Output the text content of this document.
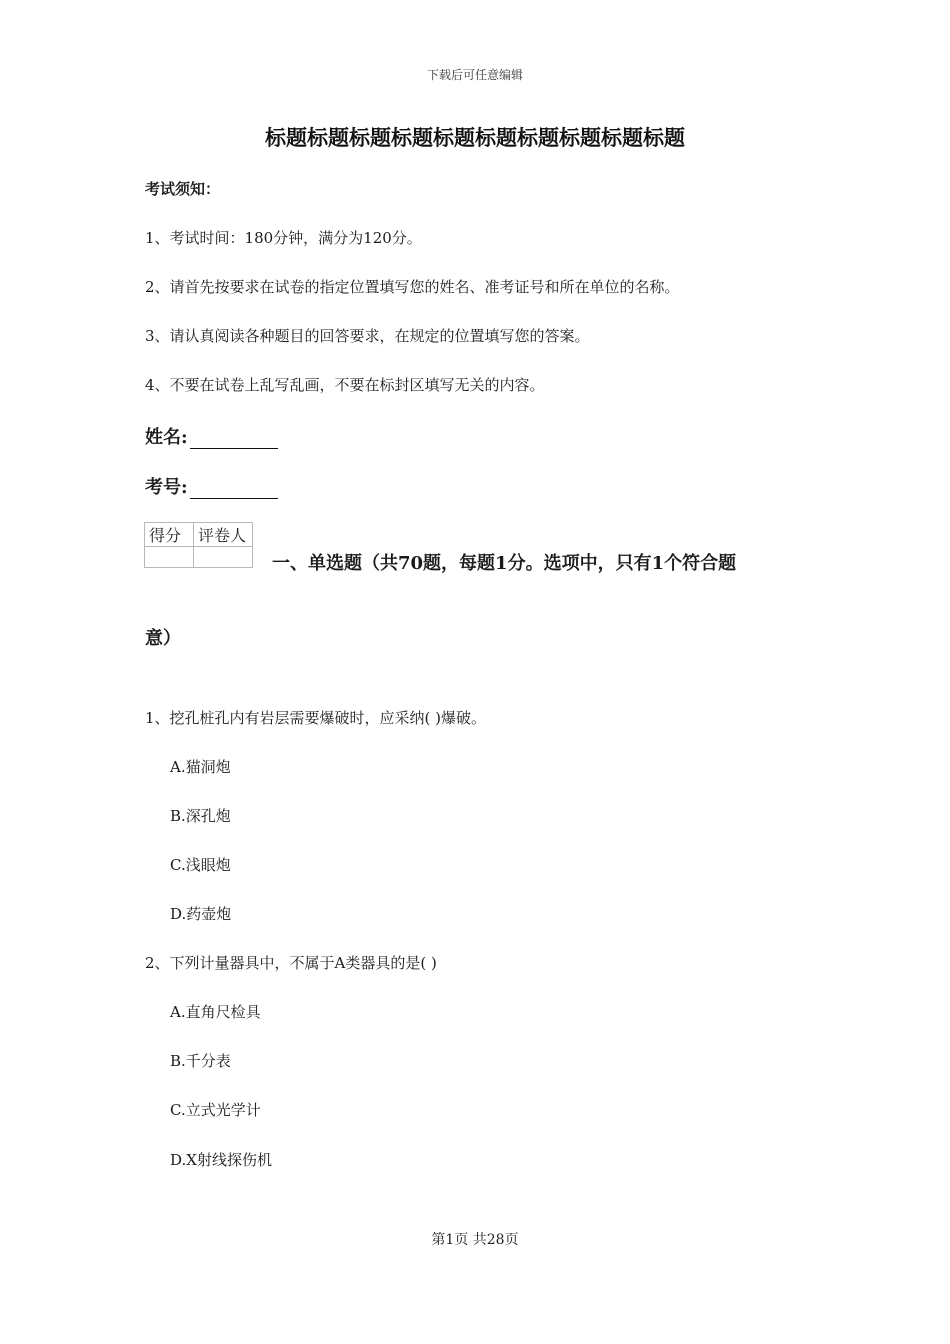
下载后可任意编辑
标题标题标题标题标题标题标题标题标题标题
考试须知：
1、考试时间：180分钟，满分为120分。
2、请首先按要求在试卷的指定位置填写您的姓名、准考证号和所在单位的名称。
3、请认真阅读各种题目的回答要求，在规定的位置填写您的答案。
4、不要在试卷上乱写乱画，不要在标封区填写无关的内容。
姓名:
考号:
得分	评卷人

一、单选题（共70题，每题1分。选项中，只有1个符合题
意）
1、挖孔桩孔内有岩层需要爆破时，应采纳( )爆破。
A.猫洞炮
B.深孔炮
C.浅眼炮
D.药壶炮
2、下列计量器具中，不属于A类器具的是( )
A.直角尺检具
B.千分表
C.立式光学计
D.X射线探伤机
第1页 共28页
